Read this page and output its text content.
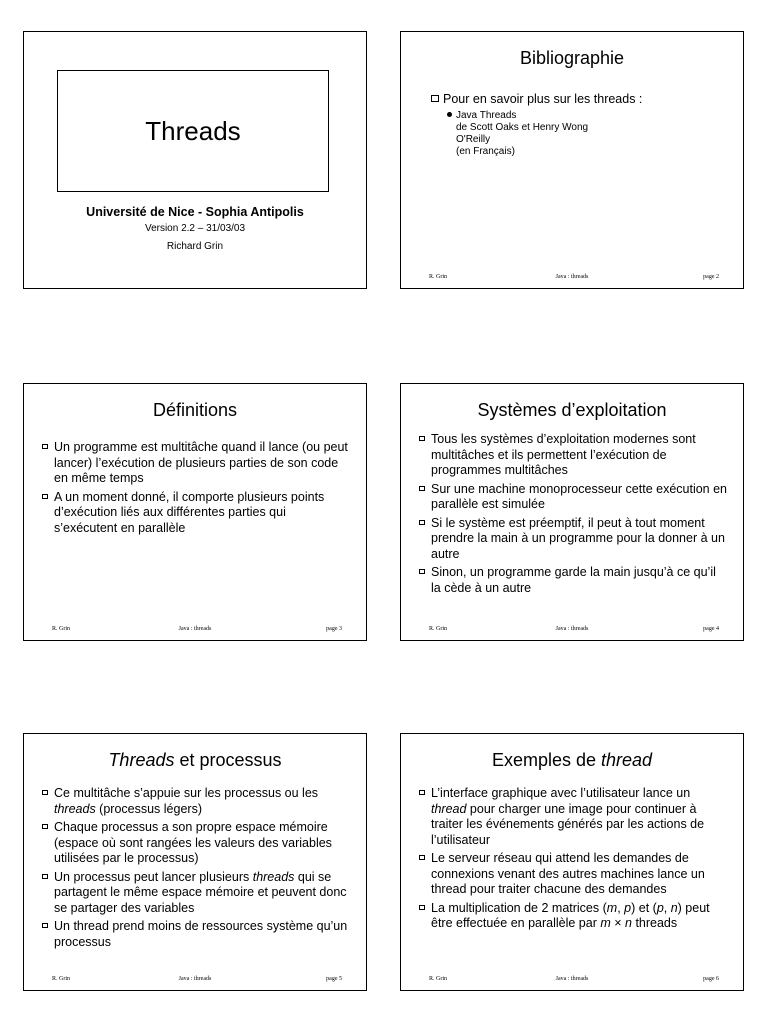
Threads
Université de Nice - Sophia Antipolis
Version 2.2 – 31/03/03
Richard Grin
Bibliographie
Pour en savoir plus sur les threads :
Java Threads
de Scott Oaks et Henry Wong
O'Reilly
(en Français)
R. Grin	Java : threads	page 2
Définitions
Un programme est multitâche quand il lance (ou peut lancer) l’exécution de plusieurs parties de son code en même temps
A un moment donné, il comporte plusieurs points d’exécution liés aux différentes parties qui s’exécutent en parallèle
R. Grin	Java : threads	page 3
Systèmes d’exploitation
Tous les systèmes d’exploitation modernes sont multitâches et ils permettent l’exécution de programmes multitâches
Sur une machine monoprocesseur cette exécution en parallèle est simulée
Si le système est préemptif, il peut à tout moment prendre la main à un programme pour la donner à un autre
Sinon, un programme garde la main jusqu’à ce qu’il la cède à un autre
R. Grin	Java : threads	page 4
Threads et processus
Ce multitâche s’appuie sur les processus ou les threads (processus légers)
Chaque processus a son propre espace mémoire (espace où sont rangées les valeurs des variables utilisées par le processus)
Un processus peut lancer plusieurs threads qui se partagent le même espace mémoire et peuvent donc se partager des variables
Un thread prend moins de ressources système qu’un processus
R. Grin	Java : threads	page 5
Exemples de thread
L’interface graphique avec l’utilisateur lance un thread pour charger une image pour continuer à traiter les événements générés par les actions de l’utilisateur
Le serveur réseau qui attend les demandes de connexions venant des autres machines lance un thread pour traiter chacune des demandes
La multiplication de 2 matrices (m, p) et (p, n) peut être effectuée en parallèle par m × n threads
R. Grin	Java : threads	page 6
